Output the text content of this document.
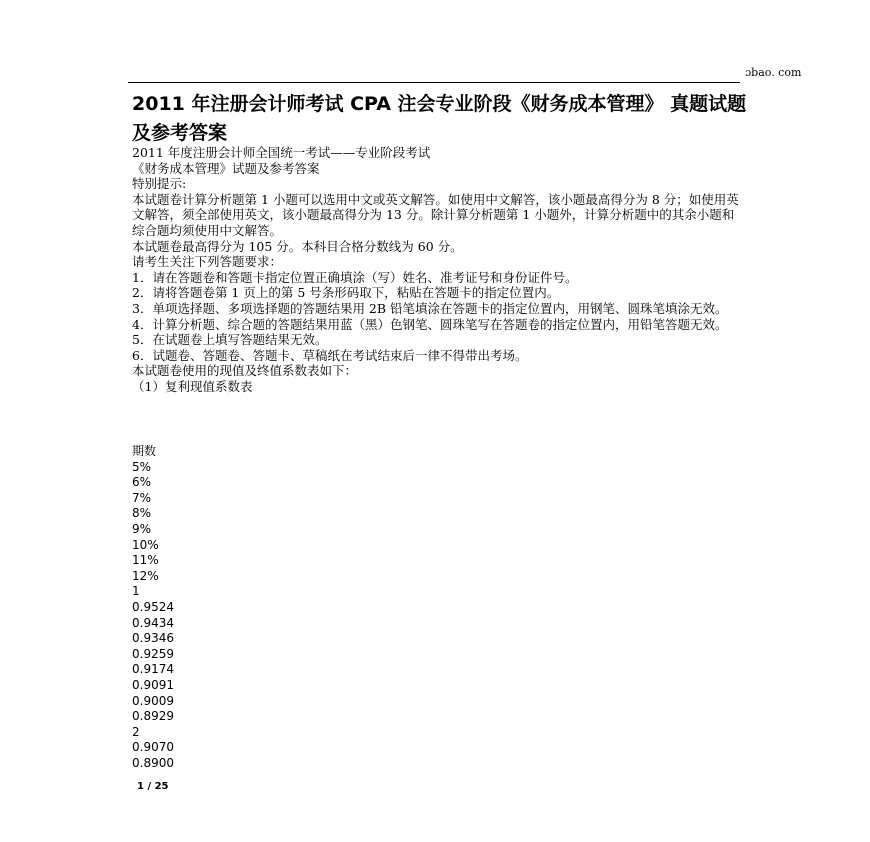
ɔbao. com
2011 年注册会计师考试 CPA 注会专业阶段《财务成本管理》 真题试题及参考答案

2011 年度注册会计师全国统一考试——专业阶段考试

《财务成本管理》试题及参考答案

特别提示:

本试题卷计算分析题第 1 小题可以选用中文或英文解答。如使用中文解答，该小题最高得分为 8 分；如使用英文解答，须全部使用英文，该小题最高得分为 13 分。除计算分析题第 1 小题外，计算分析题中的其余小题和综合题均须使用中文解答。

本试题卷最高得分为 105 分。本科目合格分数线为 60 分。

请考生关注下列答题要求：

1．请在答题卷和答题卡指定位置正确填涂（写）姓名、准考证号和身份证件号。

2．请将答题卷第 1 页上的第 5 号条形码取下，粘贴在答题卡的指定位置内。

3．单项选择题、多项选择题的答题结果用 2B 铅笔填涂在答题卡的指定位置内，用钢笔、圆珠笔填涂无效。

4．计算分析题、综合题的答题结果用蓝（黑）色钢笔、圆珠笔写在答题卷的指定位置内，用铅笔答题无效。

5．在试题卷上填写答题结果无效。

6．试题卷、答题卷、答题卡、草稿纸在考试结束后一律不得带出考场。

本试题卷使用的现值及终值系数表如下：

（1）复利现值系数表

期数
5%
6%
7%
8%
9%
10%
11%
12%
1
0.9524
0.9434
0.9346
0.9259
0.9174
0.9091
0.9009
0.8929
2
0.9070
0.8900
1 / 25
